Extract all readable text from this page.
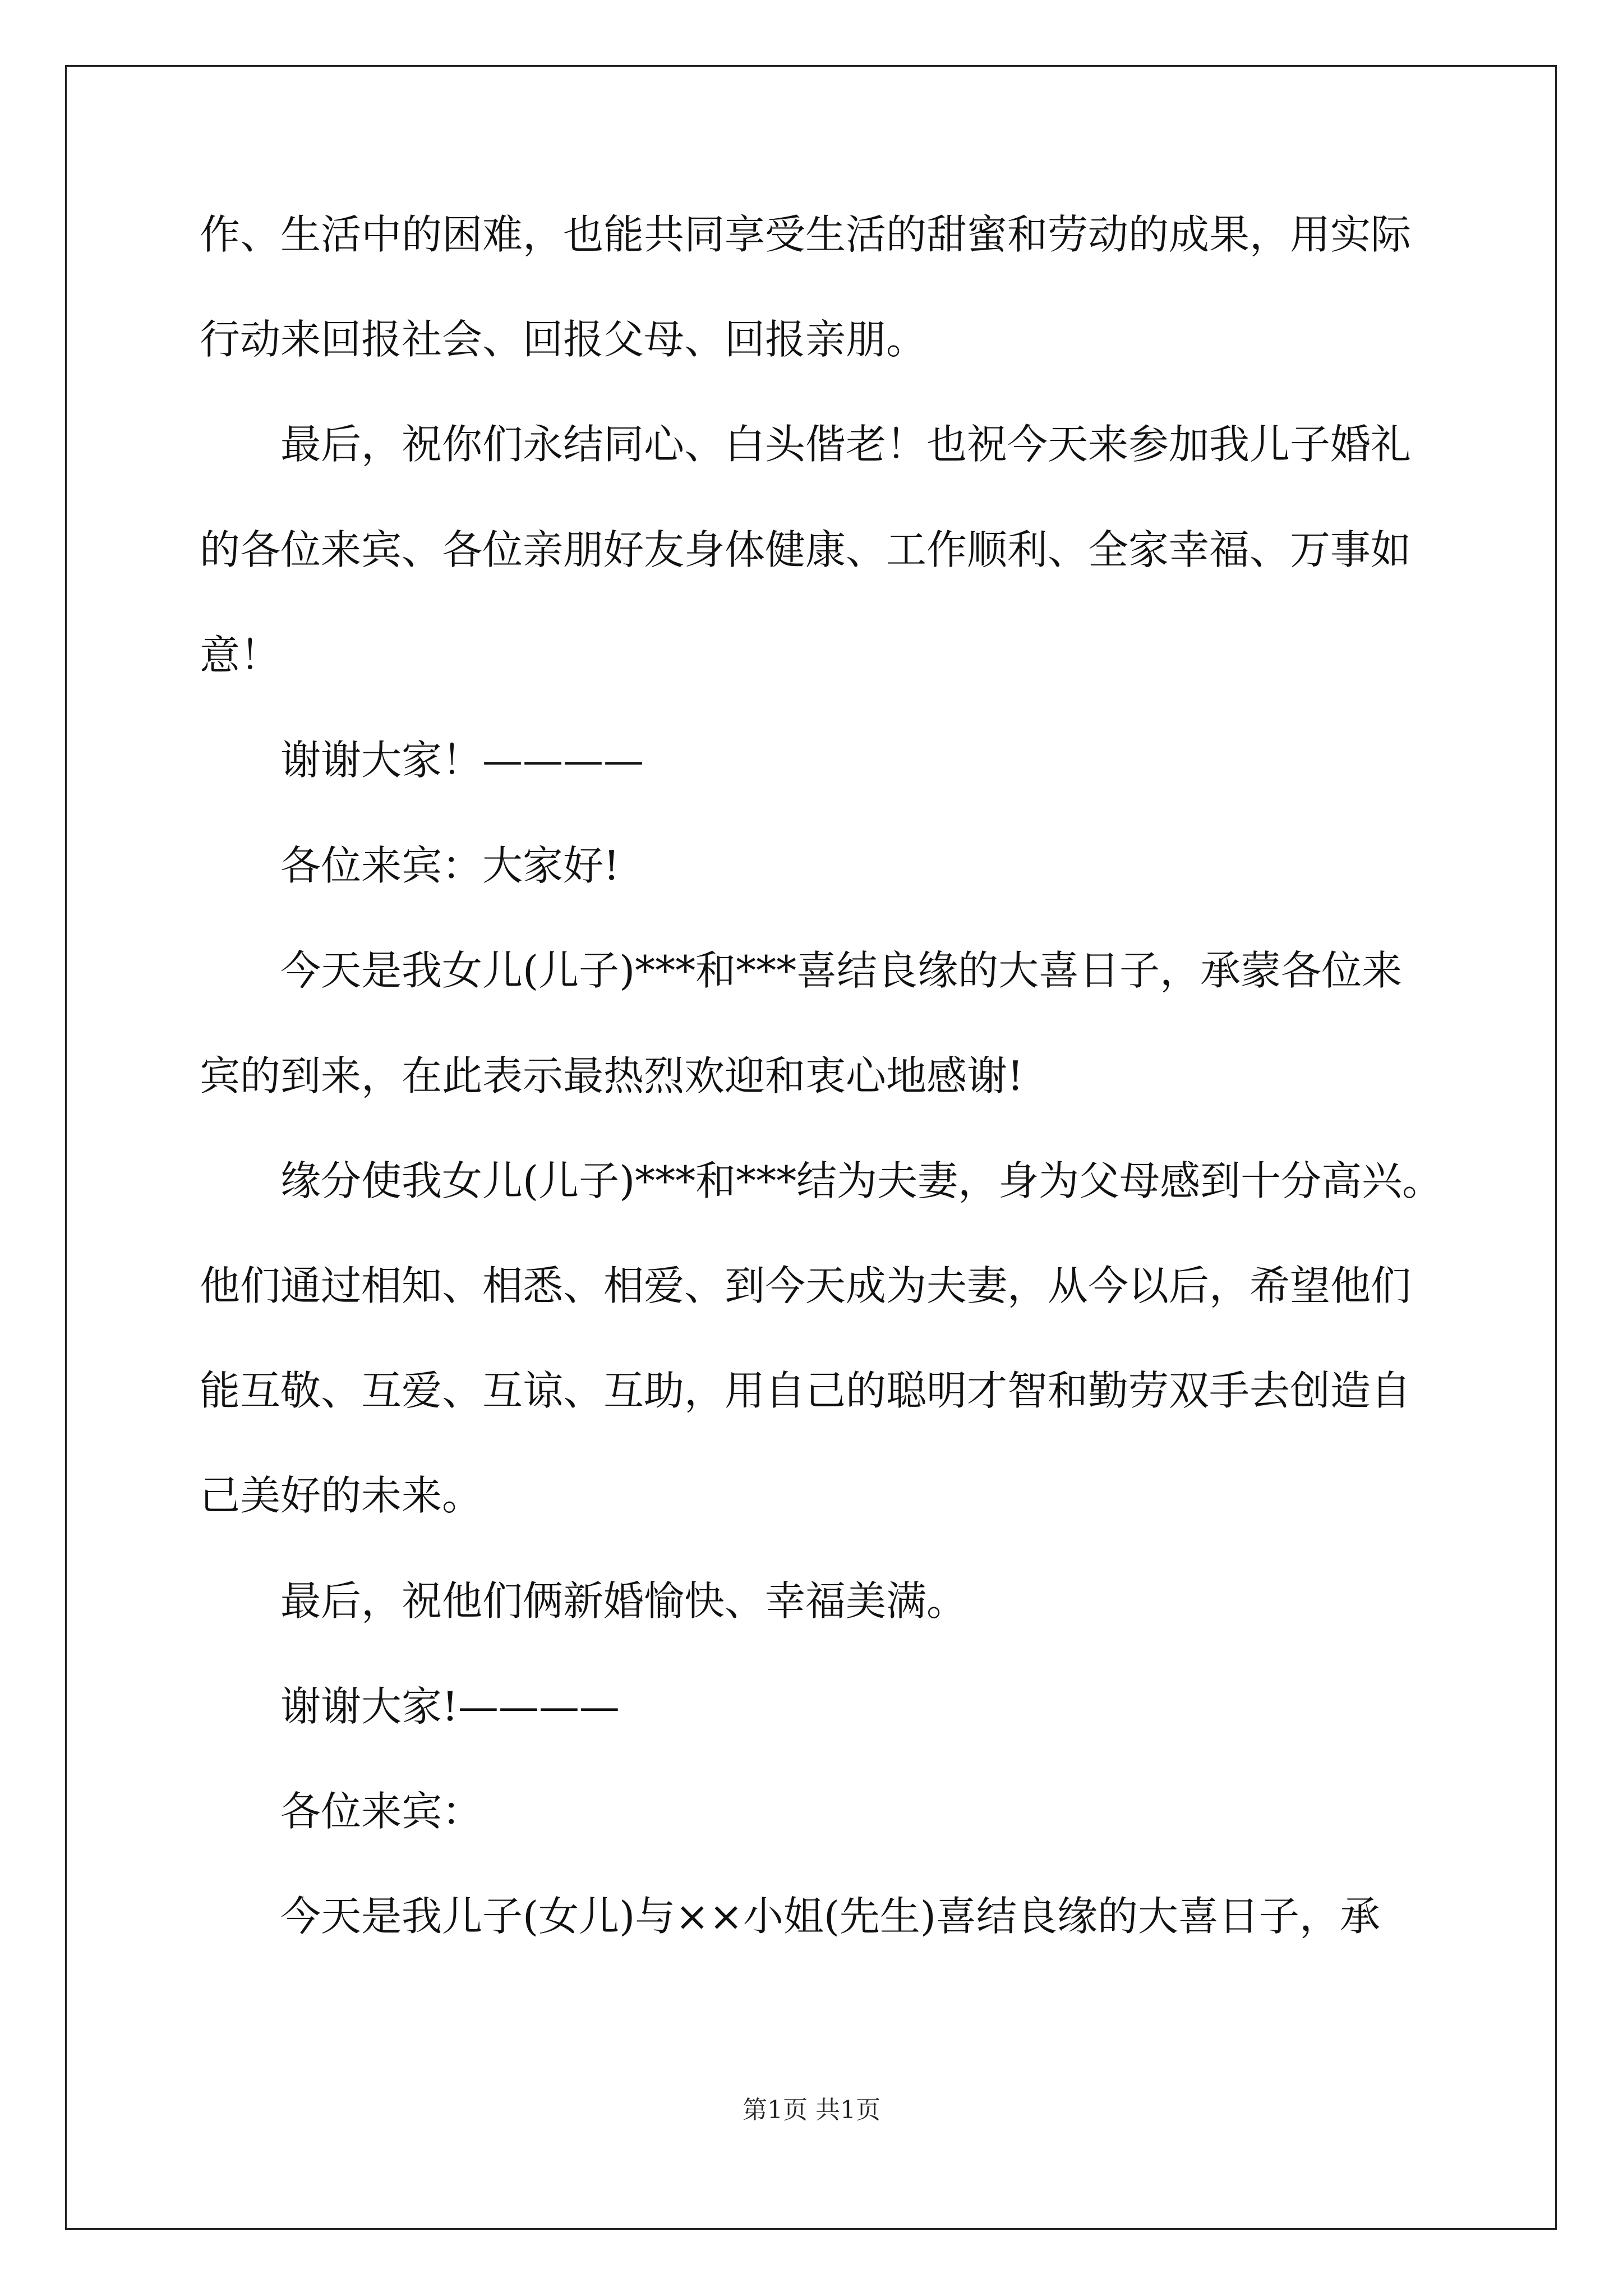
作、生活中的困难，也能共同享受生活的甜蜜和劳动的成果，用实际
行动来回报社会、回报父母、回报亲朋。
最后，祝你们永结同心、白头偕老！也祝今天来参加我儿子婚礼
的各位来宾、各位亲朋好友身体健康、工作顺利、全家幸福、万事如
意！
谢谢大家！————
各位来宾：大家好!
今天是我女儿(儿子)***和***喜结良缘的大喜日子，承蒙各位来
宾的到来，在此表示最热烈欢迎和衷心地感谢!
缘分使我女儿(儿子)***和***结为夫妻，身为父母感到十分高兴。
他们通过相知、相悉、相爱、到今天成为夫妻，从今以后，希望他们
能互敬、互爱、互谅、互助，用自己的聪明才智和勤劳双手去创造自
己美好的未来。
最后，祝他们俩新婚愉快、幸福美满。
谢谢大家!————
各位来宾：
今天是我儿子(女儿)与××小姐(先生)喜结良缘的大喜日子，承
第1页 共1页
